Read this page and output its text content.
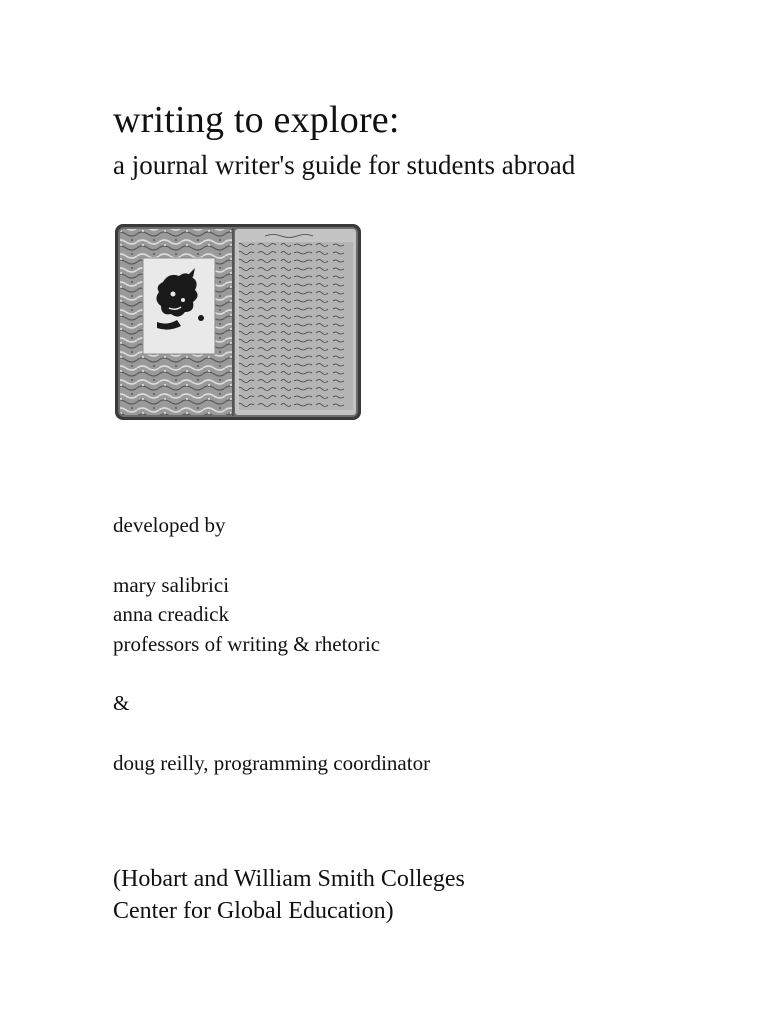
writing to explore:
a journal writer's guide for students abroad

developed by

mary salibrici

anna creadick

professors of writing & rhetoric

&

doug reilly, programming coordinator

(Hobart and William Smith Colleges

Center for Global Education)
